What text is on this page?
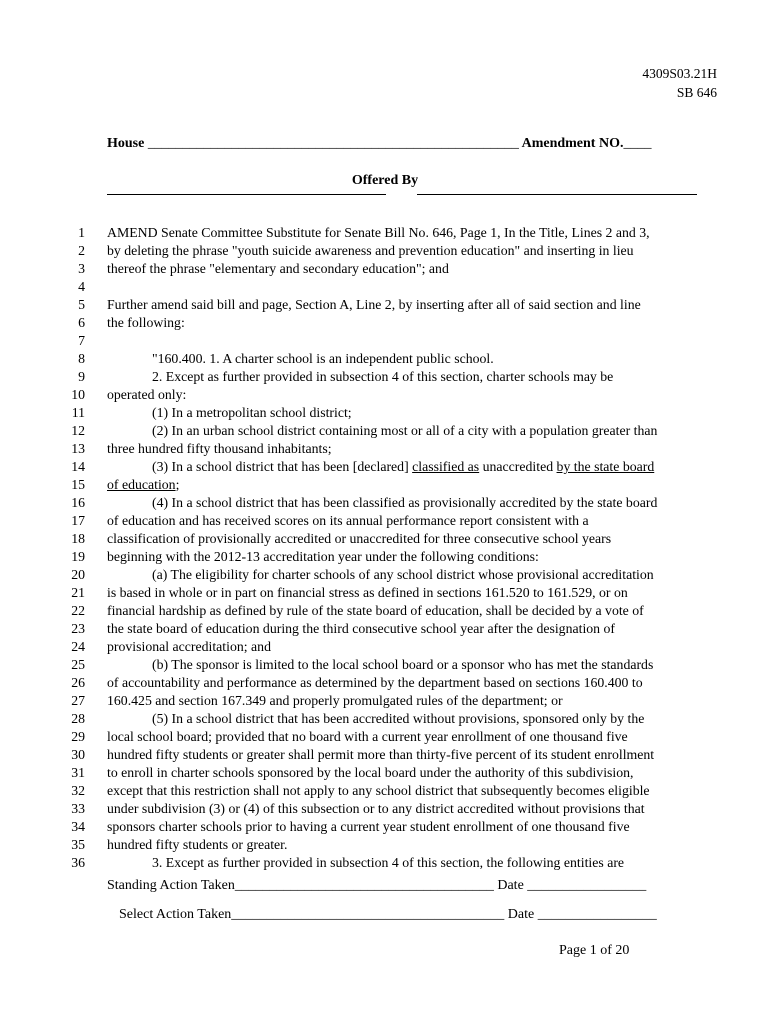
4309S03.21H
SB 646
House _____________________________________________________ Amendment NO.____
Offered By
1 AMEND Senate Committee Substitute for Senate Bill No. 646, Page 1, In the Title, Lines 2 and 3,
2 by deleting the phrase "youth suicide awareness and prevention education" and inserting in lieu
3 thereof the phrase "elementary and secondary education"; and
4
5 Further amend said bill and page, Section A, Line 2, by inserting after all of said section and line
6 the following:
7
8	"160.400. 1. A charter school is an independent public school.
9	2. Except as further provided in subsection 4 of this section, charter schools may be
10 operated only:
11	(1) In a metropolitan school district;
12	(2) In an urban school district containing most or all of a city with a population greater than
13 three hundred fifty thousand inhabitants;
14	(3) In a school district that has been [declared] classified as unaccredited by the state board
15 of education;
16	(4) In a school district that has been classified as provisionally accredited by the state board
17 of education and has received scores on its annual performance report consistent with a
18 classification of provisionally accredited or unaccredited for three consecutive school years
19 beginning with the 2012-13 accreditation year under the following conditions:
20	(a) The eligibility for charter schools of any school district whose provisional accreditation
21 is based in whole or in part on financial stress as defined in sections 161.520 to 161.529, or on
22 financial hardship as defined by rule of the state board of education, shall be decided by a vote of
23 the state board of education during the third consecutive school year after the designation of
24 provisional accreditation; and
25	(b) The sponsor is limited to the local school board or a sponsor who has met the standards
26 of accountability and performance as determined by the department based on sections 160.400 to
27 160.425 and section 167.349 and properly promulgated rules of the department; or
28	(5) In a school district that has been accredited without provisions, sponsored only by the
29 local school board; provided that no board with a current year enrollment of one thousand five
30 hundred fifty students or greater shall permit more than thirty-five percent of its student enrollment
31 to enroll in charter schools sponsored by the local board under the authority of this subdivision,
32 except that this restriction shall not apply to any school district that subsequently becomes eligible
33 under subdivision (3) or (4) of this subsection or to any district accredited without provisions that
34 sponsors charter schools prior to having a current year student enrollment of one thousand five
35 hundred fifty students or greater.
36	3. Except as further provided in subsection 4 of this section, the following entities are
Standing Action Taken_____________________________________ Date _________________
Select Action Taken_______________________________________ Date _________________
Page 1 of 20
